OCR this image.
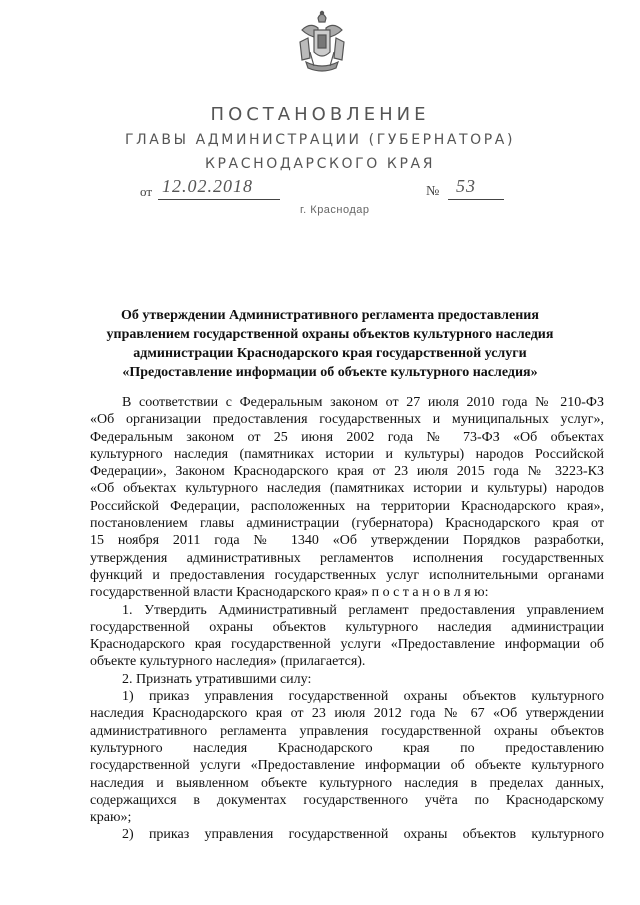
ПОСТАНОВЛЕНИЕ
ГЛАВЫ АДМИНИСТРАЦИИ (ГУБЕРНАТОРА)
КРАСНОДАРСКОГО КРАЯ
от 12.02.2018	№ 53
г. Краснодар
Об утверждении Административного регламента предоставления
управлением государственной охраны объектов культурного наследия
администрации Краснодарского края государственной услуги
«Предоставление информации об объекте культурного наследия»
В соответствии с Федеральным законом от 27 июля 2010 года № 210-ФЗ
«Об организации предоставления государственных и муниципальных услуг»,
Федеральным законом от 25 июня 2002 года № 73-ФЗ «Об объектах
культурного наследия (памятниках истории и культуры) народов Российской
Федерации», Законом Краснодарского края от 23 июля 2015 года № 3223-КЗ
«Об объектах культурного наследия (памятниках истории и культуры) народов
Российской Федерации, расположенных на территории Краснодарского края»,
постановлением главы администрации (губернатора) Краснодарского края от
15 ноября 2011 года № 1340 «Об утверждении Порядков разработки,
утверждения административных регламентов исполнения государственных
функций и предоставления государственных услуг исполнительными органами
государственной власти Краснодарского края» п о с т а н о в л я ю:
1. Утвердить Административный регламент предоставления управлением
государственной охраны объектов культурного наследия администрации
Краснодарского края государственной услуги «Предоставление информации об
объекте культурного наследия» (прилагается).
2. Признать утратившими силу:
1) приказ управления государственной охраны объектов культурного
наследия Краснодарского края от 23 июля 2012 года № 67 «Об утверждении
административного регламента управления государственной охраны объектов
культурного наследия Краснодарского края по предоставлению
государственной услуги «Предоставление информации об объекте культурного
наследия и выявленном объекте культурного наследия в пределах данных,
содержащихся в документах государственного учёта по Краснодарскому
краю»;
2) приказ управления государственной охраны объектов культурного
